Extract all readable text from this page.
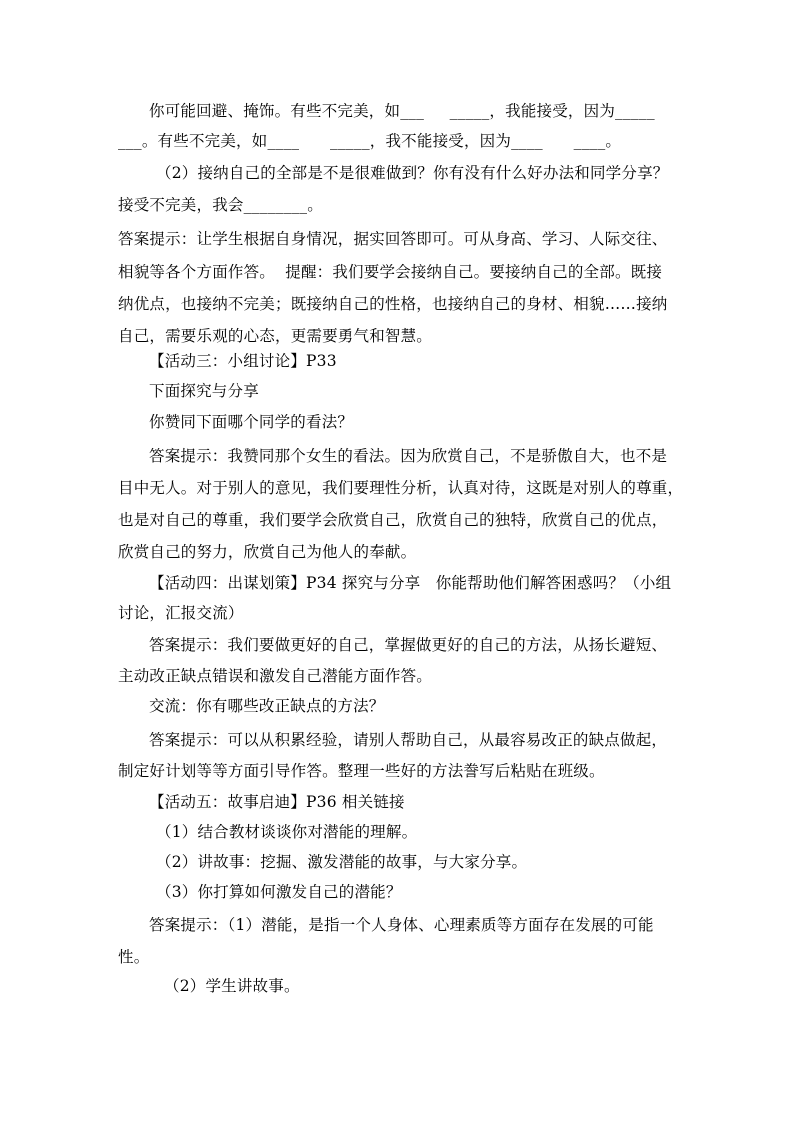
你可能回避、掩饰。有些不完美，如___     _____，我能接受，因为_____
___。有些不完美，如____      _____，我不能接受，因为____      ____。
（2）接纳自己的全部是不是很难做到？你有没有什么好办法和同学分享？
接受不完美，我会________。
答案提示：让学生根据自身情况，据实回答即可。可从身高、学习、人际交往、
相貌等各个方面作答。  提醒：我们要学会接纳自己。要接纳自己的全部。既接
纳优点，也接纳不完美；既接纳自己的性格，也接纳自己的身材、相貌……接纳
自己，需要乐观的心态，更需要勇气和智慧。
【活动三：小组讨论】P33
下面探究与分享
你赞同下面哪个同学的看法？
答案提示：我赞同那个女生的看法。因为欣赏自己，不是骄傲自大，也不是
目中无人。对于别人的意见，我们要理性分析，认真对待，这既是对别人的尊重，
也是对自己的尊重，我们要学会欣赏自己，欣赏自己的独特，欣赏自己的优点，
欣赏自己的努力，欣赏自己为他人的奉献。
【活动四：出谋划策】P34 探究与分享   你能帮助他们解答困惑吗？（小组
讨论，汇报交流）
答案提示：我们要做更好的自己，掌握做更好的自己的方法，从扬长避短、
主动改正缺点错误和激发自己潜能方面作答。
交流：你有哪些改正缺点的方法？
答案提示：可以从积累经验，请别人帮助自己，从最容易改正的缺点做起，
制定好计划等等方面引导作答。整理一些好的方法誊写后粘贴在班级。
【活动五：故事启迪】P36 相关链接
（1）结合教材谈谈你对潜能的理解。
（2）讲故事：挖掘、激发潜能的故事，与大家分享。
（3）你打算如何激发自己的潜能？
答案提示：（1）潜能，是指一个人身体、心理素质等方面存在发展的可能
性。
（2）学生讲故事。
